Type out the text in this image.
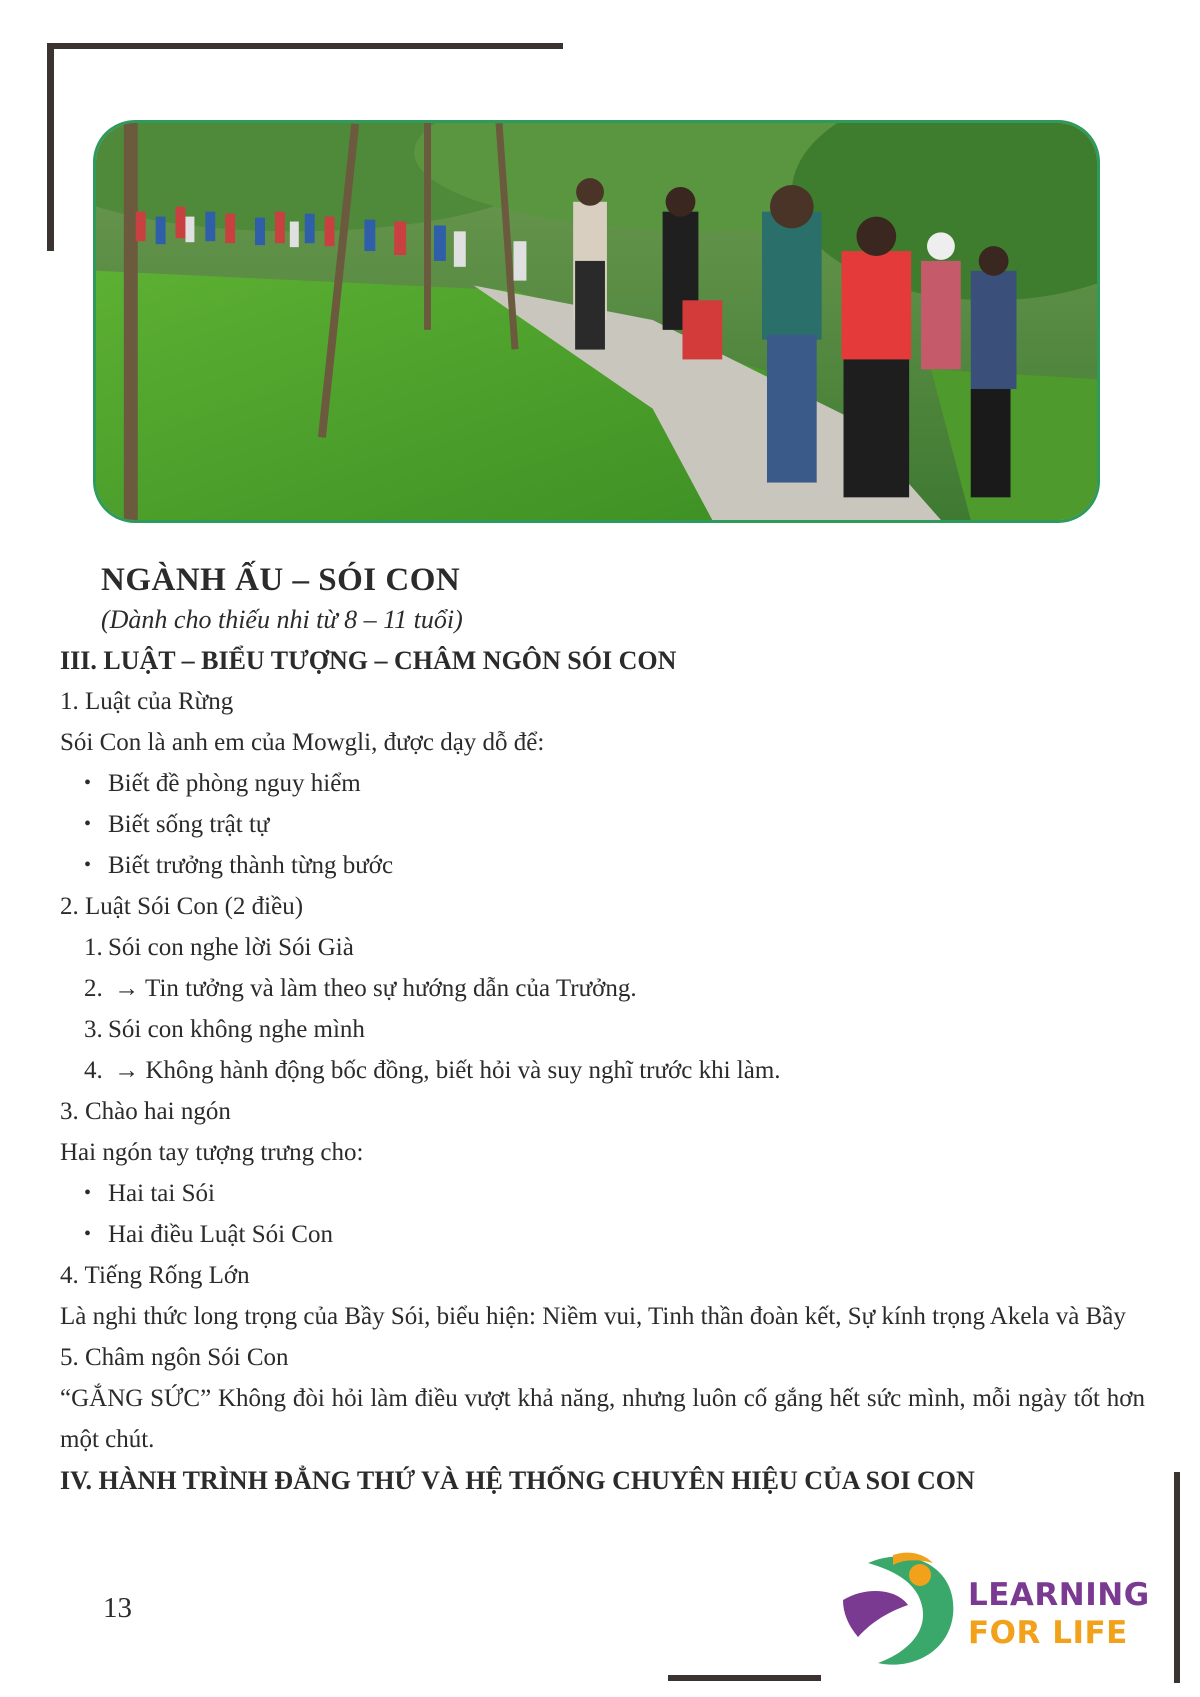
NGÀNH ẤU – SÓI CON
(Dành cho thiếu nhi từ 8 – 11 tuổi)
III. LUẬT – BIỂU TƯỢNG – CHÂM NGÔN SÓI CON
1. Luật của Rừng
Sói Con là anh em của Mowgli, được dạy dỗ để:
• Biết đề phòng nguy hiểm
• Biết sống trật tự
• Biết trưởng thành từng bước
2. Luật Sói Con (2 điều)
1. Sói con nghe lời Sói Già
2. → Tin tưởng và làm theo sự hướng dẫn của Trưởng.
3. Sói con không nghe mình
4. → Không hành động bốc đồng, biết hỏi và suy nghĩ trước khi làm.
3. Chào hai ngón
Hai ngón tay tượng trưng cho:
• Hai tai Sói
• Hai điều Luật Sói Con
4. Tiếng Rống Lớn
Là nghi thức long trọng của Bầy Sói, biểu hiện: Niềm vui, Tinh thần đoàn kết, Sự kính trọng Akela và Bầy
5. Châm ngôn Sói Con
“GẮNG SỨC” Không đòi hỏi làm điều vượt khả năng, nhưng luôn cố gắng hết sức mình, mỗi ngày tốt hơn một chút.
IV. HÀNH TRÌNH ĐẲNG THỨ VÀ HỆ THỐNG CHUYÊN HIỆU CỦA SOI CON
13	LEARNING
FOR LIFE
